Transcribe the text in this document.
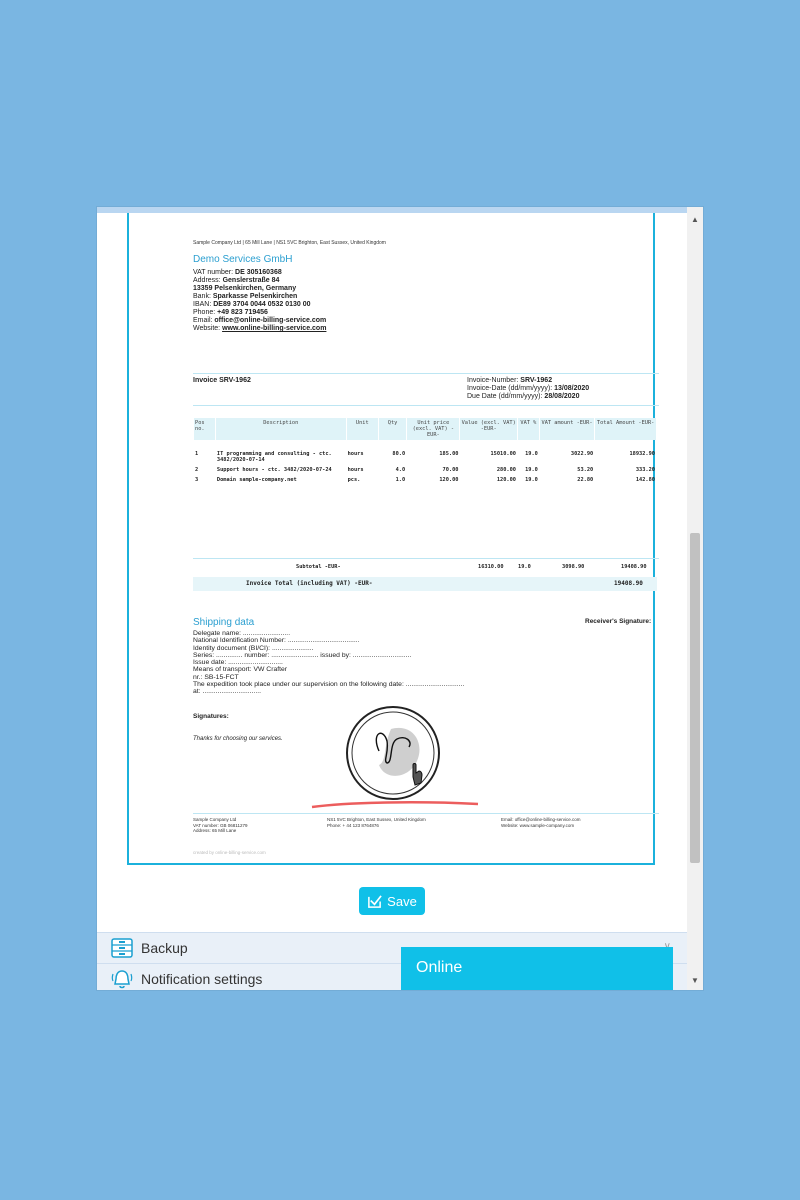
Sample Company Ltd | 65 Mill Lane | NS1 5VC Brighton, East Sussex, United Kingdom
Demo Services GmbH
VAT number: DE 305160368
Address: Genslerstraße 84
13359 Pelsenkirchen, Germany
Bank: Sparkasse Pelsenkirchen
IBAN: DE89 3704 0044 0532 0130 00
Phone: +49 823 719456
Email: office@online-billing-service.com
Website: www.online-billing-service.com
Invoice SRV-1962	Invoice-Number: SRV-1962
Invoice-Date (dd/mm/yyyy): 13/08/2020
Due Date (dd/mm/yyyy): 28/08/2020
Pos no.	Description	Unit	Qty	Unit price (excl. VAT) -EUR-	Value (excl. VAT) -EUR-	VAT %	VAT amount -EUR-	Total Amount -EUR-

1	IT programming and consulting - ctc. 3482/2020-07-14	hours	80.0	185.00	15010.00	19.0	3022.90	18932.90
2	Support hours - ctc. 3482/2020-07-24	hours	4.0	70.00	280.00	19.0	53.20	333.20
3	Domain sample-company.net	pcs.	1.0	120.00	120.00	19.0	22.80	142.80
Subtotal -EUR-	16310.00	19.0	3098.90	19408.90
Invoice Total (including VAT) -EUR-	19408.90
Shipping data	Receiver's Signature:
Delegate name: .........................
National Identification Number: ......................................
Identity document (BI/CI): ......................
Series: .............. number: ......................... issued by: ...............................
Issue date: .............................
Means of transport: VW Crafter
nr.: SB-15-FCT
The expedition took place under our supervision on the following date: ...............................
at: ...............................
Signatures:
Thanks for choosing our services.
Sample Company Ltd
VAT number: GB 06811279
Address: 65 Mill Lane
NS1 5VC Brighton, East Sussex, United Kingdom
Phone: + 44 123 8764876
Email: office@online-billing-service.com
Website: www.sample-company.com
created by online-billing-service.com
Save
Backup
Notification settings
Online
▲
▼
